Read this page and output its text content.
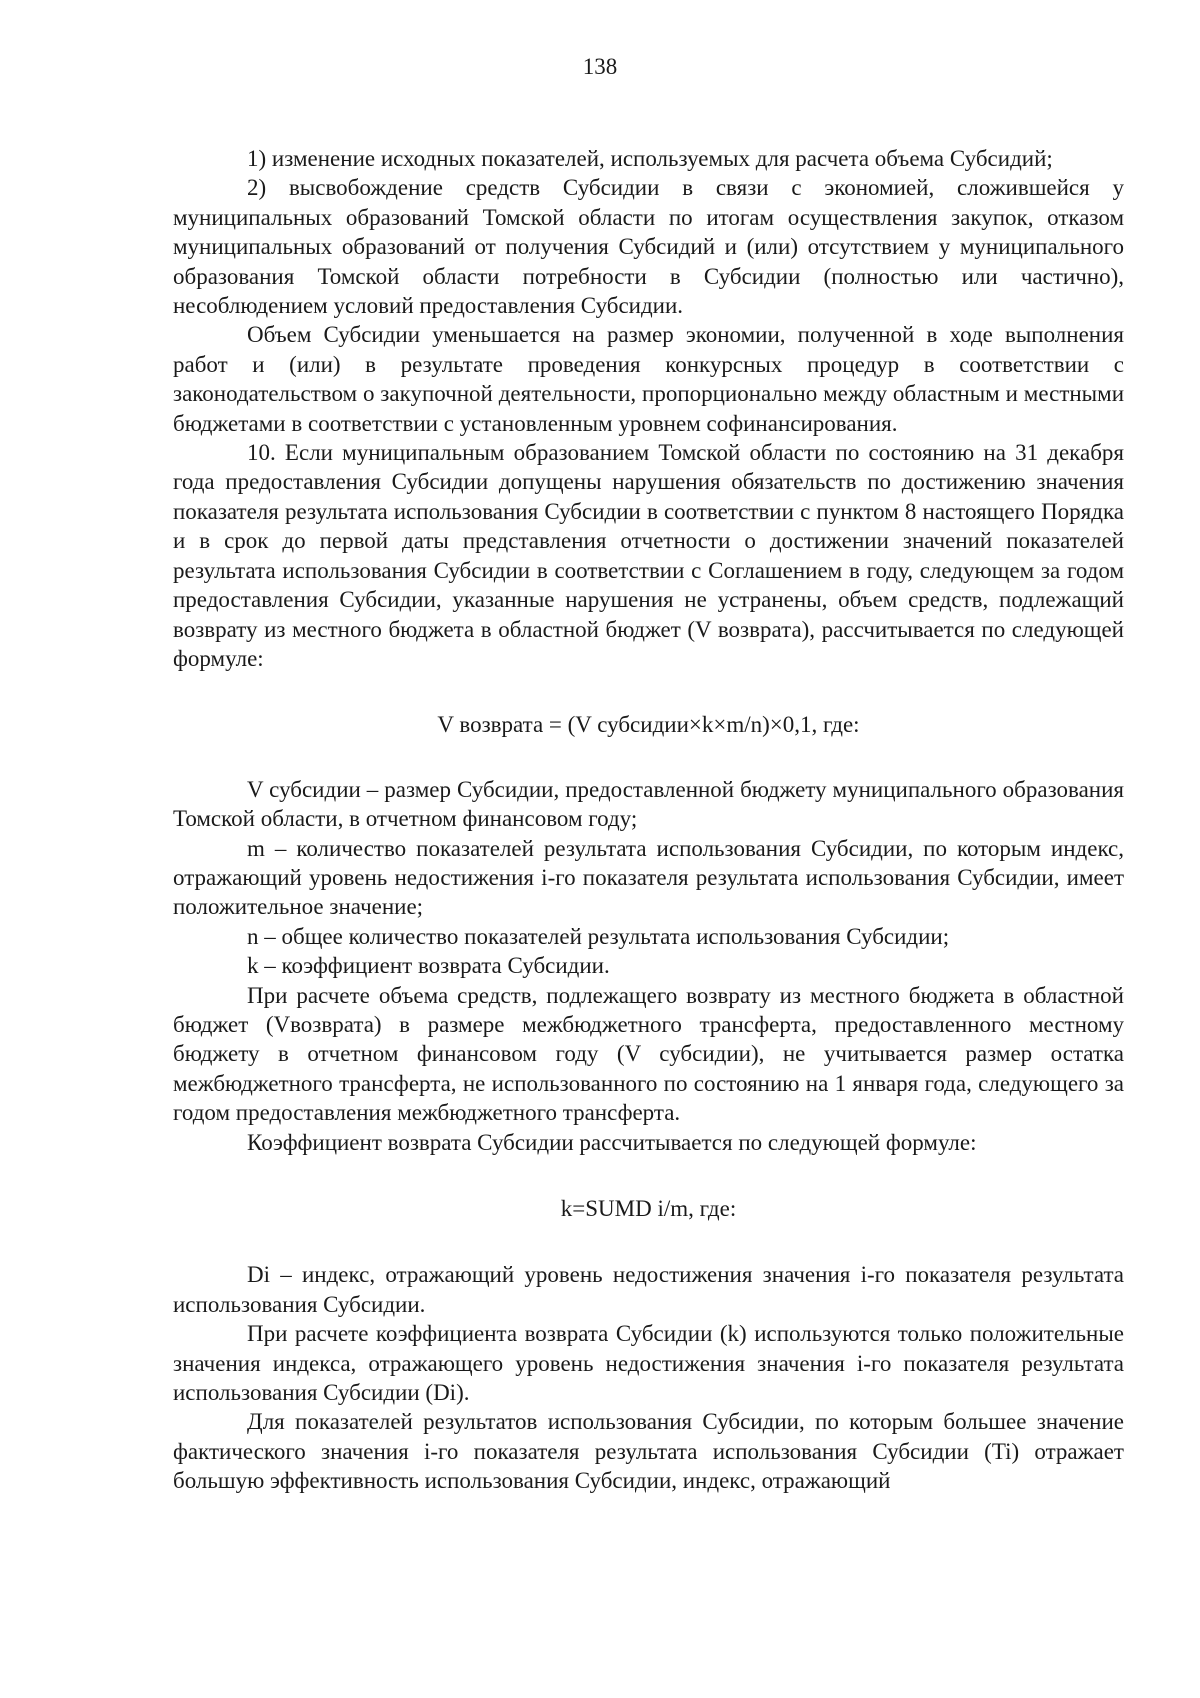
138

1) изменение исходных показателей, используемых для расчета объема Субсидий;

2) высвобождение средств Субсидии в связи с экономией, сложившейся у муниципальных образований Томской области по итогам осуществления закупок, отказом муниципальных образований от получения Субсидий и (или) отсутствием у муниципального образования Томской области потребности в Субсидии (полностью или частично), несоблюдением условий предоставления Субсидии.

Объем Субсидии уменьшается на размер экономии, полученной в ходе выполнения работ и (или) в результате проведения конкурсных процедур в соответствии с законодательством о закупочной деятельности, пропорционально между областным и местными бюджетами в соответствии с установленным уровнем софинансирования.

10. Если муниципальным образованием Томской области по состоянию на 31 декабря года предоставления Субсидии допущены нарушения обязательств по достижению значения показателя результата использования Субсидии в соответствии с пунктом 8 настоящего Порядка и в срок до первой даты представления отчетности о достижении значений показателей результата использования Субсидии в соответствии с Соглашением в году, следующем за годом предоставления Субсидии, указанные нарушения не устранены, объем средств, подлежащий возврату из местного бюджета в областной бюджет (V возврата), рассчитывается по следующей формуле:

V возврата = (V субсидии×k×m/n)×0,1, где:

V субсидии – размер Субсидии, предоставленной бюджету муниципального образования Томской области, в отчетном финансовом году;

m – количество показателей результата использования Субсидии, по которым индекс, отражающий уровень недостижения i-го показателя результата использования Субсидии, имеет положительное значение;

n – общее количество показателей результата использования Субсидии;

k – коэффициент возврата Субсидии.

При расчете объема средств, подлежащего возврату из местного бюджета в областной бюджет (Vвозврата) в размере межбюджетного трансферта, предоставленного местному бюджету в отчетном финансовом году (V субсидии), не учитывается размер остатка межбюджетного трансферта, не использованного по состоянию на 1 января года, следующего за годом предоставления межбюджетного трансферта.

Коэффициент возврата Субсидии рассчитывается по следующей формуле:

k=SUMD i/m, где:

Di – индекс, отражающий уровень недостижения значения i-го показателя результата использования Субсидии.

При расчете коэффициента возврата Субсидии (k) используются только положительные значения индекса, отражающего уровень недостижения значения i-го показателя результата использования Субсидии (Di).

Для показателей результатов использования Субсидии, по которым большее значение фактического значения i-го показателя результата использования Субсидии (Ti) отражает большую эффективность использования Субсидии, индекс, отражающий
